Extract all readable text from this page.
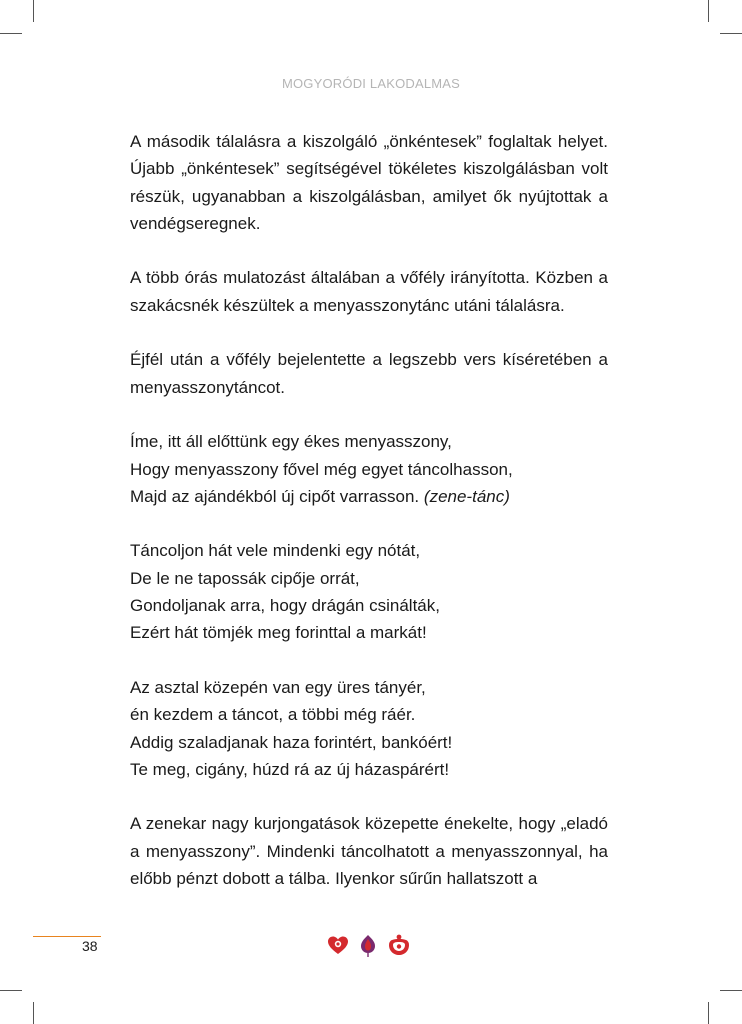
MOGYORÓDI LAKODALMAS

A második tálalásra a kiszolgáló „önkéntesek” foglaltak helyet. Újabb „önkéntesek” segítségével tökéletes kiszolgálásban volt részük, ugyanabban a kiszolgálásban, amilyet ők nyújtottak a vendégseregnek.

A több órás mulatozást általában a vőfély irányította. Közben a szakácsnék készültek a menyasszonytánc utáni tálalásra.

Éjfél után a vőfély bejelentette a legszebb vers kíséretében a menyasszonytáncot.

Íme, itt áll előttünk egy ékes menyasszony,
Hogy menyasszony fővel még egyet táncolhasson,
Majd az ajándékból új cipőt varrasson. (zene-tánc)
Táncoljon hát vele mindenki egy nótát,
De le ne tapossák cipője orrát,
Gondoljanak arra, hogy drágán csinálták,
Ezért hát tömjék meg forinttal a markát!
Az asztal közepén van egy üres tányér,
én kezdem a táncot, a többi még ráér.
Addig szaladjanak haza forintért, bankóért!
Te meg, cigány, húzd rá az új házaspárért!

A zenekar nagy kurjongatások közepette énekelte, hogy „eladó a menyasszony”. Mindenki táncolhatott a menyasszonnyal, ha előbb pénzt dobott a tálba. Ilyenkor sűrűn hallatszott a

38
